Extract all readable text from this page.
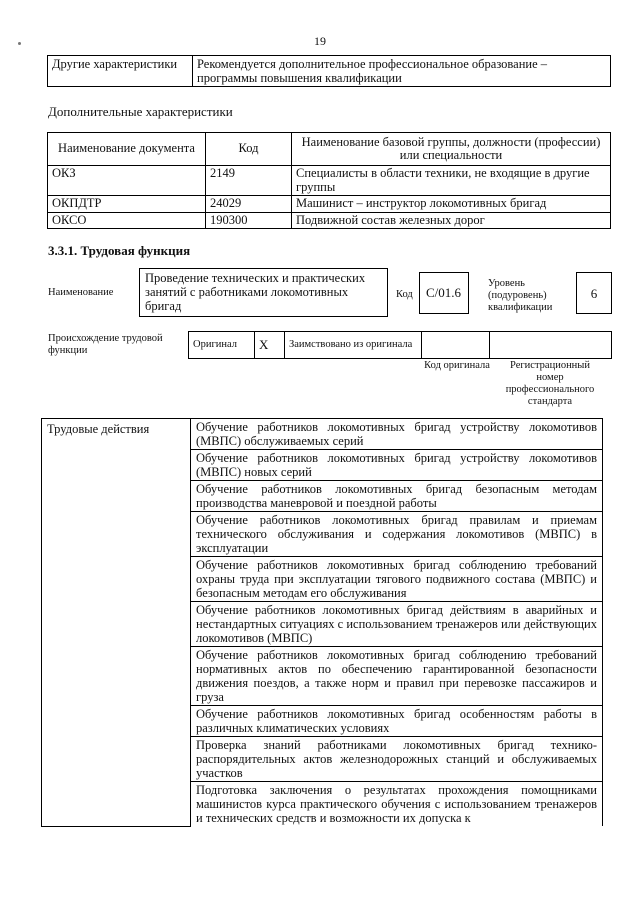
19
Другие характеристики	Рекомендуется дополнительное профессиональное образование – программы повышения квалификации
Дополнительные характеристики
Наименование документа	Код	Наименование базовой группы, должности (профессии) или специальности
ОКЗ	2149	Специалисты в области техники, не входящие в другие группы
ОКПДТР	24029	Машинист – инструктор локомотивных бригад
ОКСО	190300	Подвижной состав железных дорог
3.3.1. Трудовая функция
Наименование
Проведение технических и практических занятий с работниками локомотивных бригад
Код	C/01.6
Уровень (подуровень) квалификации
6
Происхождение трудовой функции
Оригинал	X	Заимствовано из оригинала		
Код оригинала	Регистрационный номер профессионального стандарта
Трудовые действия	Обучение работников локомотивных бригад устройству локомотивов (МВПС) обслуживаемых серий
Обучение работников локомотивных бригад устройству локомотивов (МВПС) новых серий
Обучение работников локомотивных бригад безопасным методам производства маневровой и поездной работы
Обучение работников локомотивных бригад правилам и приемам технического обслуживания и содержания локомотивов (МВПС) в эксплуатации
Обучение работников локомотивных бригад соблюдению требований охраны труда при эксплуатации тягового подвижного состава (МВПС) и безопасным методам его обслуживания
Обучение работников локомотивных бригад действиям в аварийных и нестандартных ситуациях с использованием тренажеров или действующих локомотивов (МВПС)
Обучение работников локомотивных бригад соблюдению требований нормативных актов по обеспечению гарантированной безопасности движения поездов, а также норм и правил при перевозке пассажиров и груза
Обучение работников локомотивных бригад особенностям работы в различных климатических условиях
Проверка знаний работниками локомотивных бригад технико-распорядительных актов железнодорожных станций и обслуживаемых участков
Подготовка заключения о результатах прохождения помощниками машинистов курса практического обучения с использованием тренажеров и технических средств и возможности их допуска к
